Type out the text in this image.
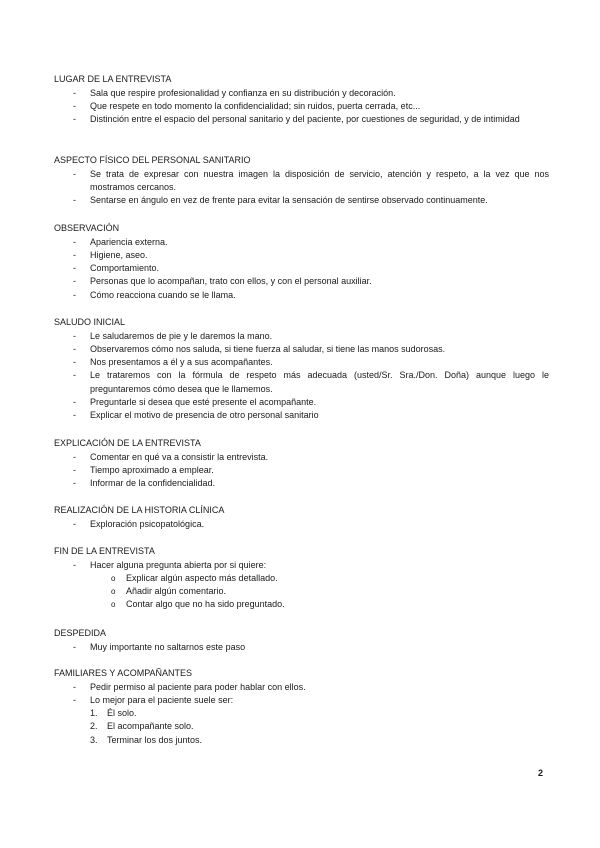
LUGAR DE LA ENTREVISTA
- Sala que respire profesionalidad y confianza en su distribución y decoración.
- Que respete en todo momento la confidencialidad; sin ruidos, puerta cerrada, etc...
- Distinción entre el espacio del personal sanitario y del paciente, por cuestiones de seguridad, y de intimidad
ASPECTO FÍSICO DEL PERSONAL SANITARIO
- Se trata de expresar con nuestra imagen la disposición de servicio, atención y respeto, a la vez que nos mostramos cercanos.
- Sentarse en ángulo en vez de frente para evitar la sensación de sentirse observado continuamente.
OBSERVACIÓN
- Apariencia externa.
- Higiene, aseo.
- Comportamiento.
- Personas que lo acompañan, trato con ellos, y con el personal auxiliar.
- Cómo reacciona cuando se le llama.
SALUDO INICIAL
- Le saludaremos de pie y le daremos la mano.
- Observaremos cómo nos saluda, si tiene fuerza al saludar, si tiene las manos sudorosas.
- Nos presentamos a él y a sus acompañantes.
- Le trataremos con la fórmula de respeto más adecuada (usted/Sr. Sra./Don. Doña) aunque luego le preguntaremos cómo desea que le llamemos.
- Preguntarle si desea que esté presente el acompañante.
- Explicar el motivo de presencia de otro personal sanitario
EXPLICACIÓN DE LA ENTREVISTA
- Comentar en qué va a consistir la entrevista.
- Tiempo aproximado a emplear.
- Informar de la confidencialidad.
REALIZACIÓN DE LA HISTORIA CLÍNICA
- Exploración psicopatológica.
FIN DE LA ENTREVISTA
- Hacer alguna pregunta abierta por si quiere:
o Explicar algún aspecto más detallado.
o Añadir algún comentario.
o Contar algo que no ha sido preguntado.
DESPEDIDA
- Muy importante no saltarnos este paso
FAMILIARES Y ACOMPAÑANTES
- Pedir permiso al paciente para poder hablar con ellos.
- Lo mejor para el paciente suele ser:
1. Él solo.
2. El acompañante solo.
3. Terminar los dos juntos.
2
